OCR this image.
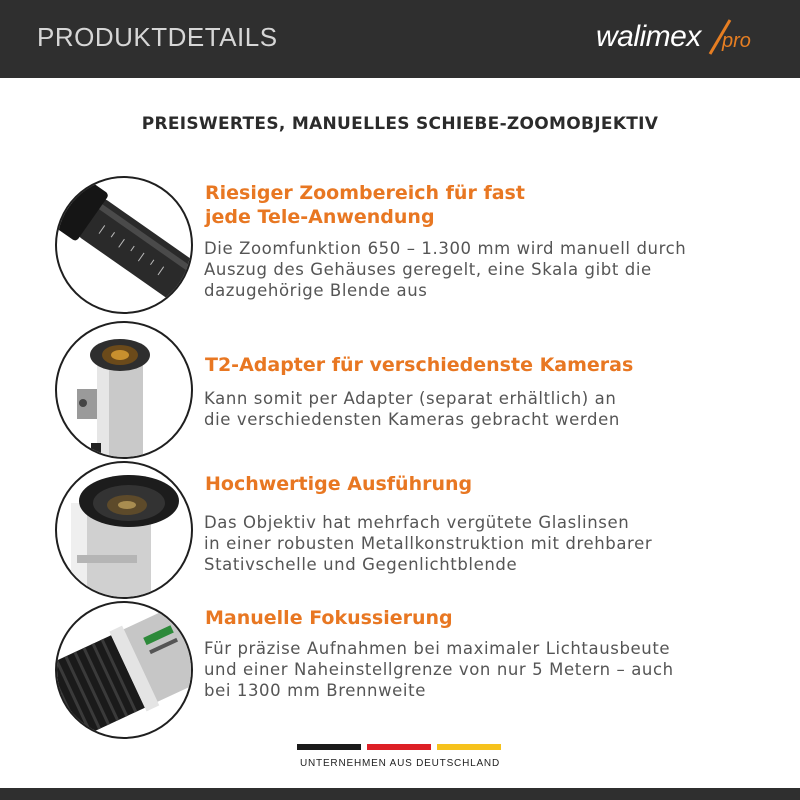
PRODUKTDETAILS	walimex pro
PREISWERTES, MANUELLES SCHIEBE-ZOOMOBJEKTIV

Riesiger Zoombereich für fast
jede Tele-Anwendung

Die Zoomfunktion 650 – 1.300 mm wird manuell durch
Auszug des Gehäuses geregelt, eine Skala gibt die
dazugehörige Blende aus

T2-Adapter für verschiedenste Kameras

Kann somit per Adapter (separat erhältlich) an
die verschiedensten Kameras gebracht werden

Hochwertige Ausführung

Das Objektiv hat mehrfach vergütete Glaslinsen
in einer robusten Metallkonstruktion mit drehbarer
Stativschelle und Gegenlichtblende

Manuelle Fokussierung

Für präzise Aufnahmen bei maximaler Lichtausbeute
und einer Naheinstellgrenze von nur 5 Metern – auch
bei 1300 mm Brennweite

UNTERNEHMEN AUS DEUTSCHLAND
